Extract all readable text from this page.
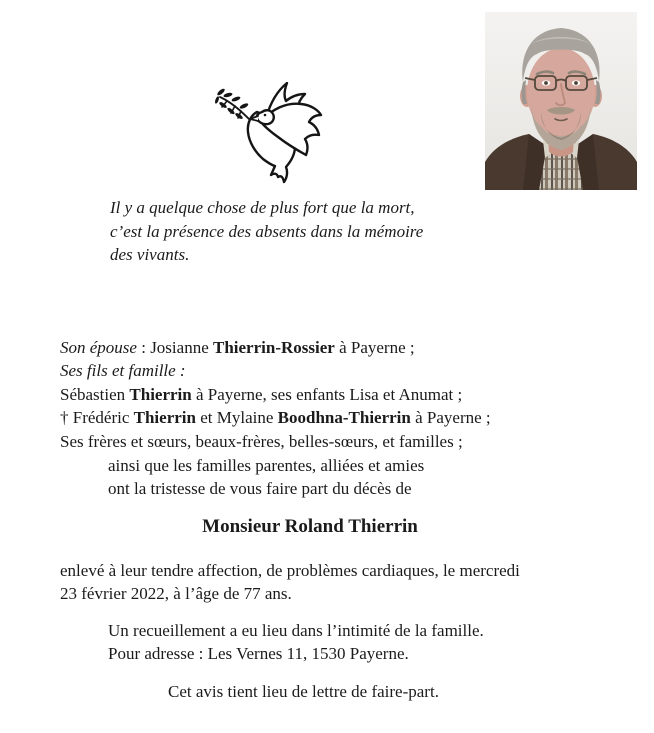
Il y a quelque chose de plus fort que la mort,
c’est la présence des absents dans la mémoire
des vivants.
Son épouse : Josianne Thierrin-Rossier à Payerne ;
Ses fils et famille :
Sébastien Thierrin à Payerne, ses enfants Lisa et Anumat ;
† Frédéric Thierrin et Mylaine Boodhna-Thierrin à Payerne ;
Ses frères et sœurs, beaux-frères, belles-sœurs, et familles ;
ainsi que les familles parentes, alliées et amies
ont la tristesse de vous faire part du décès de
Monsieur Roland Thierrin
enlevé à leur tendre affection, de problèmes cardiaques, le mercredi
23 février 2022, à l’âge de 77 ans.
Un recueillement a eu lieu dans l’intimité de la famille.
Pour adresse : Les Vernes 11, 1530 Payerne.
Cet avis tient lieu de lettre de faire-part.
